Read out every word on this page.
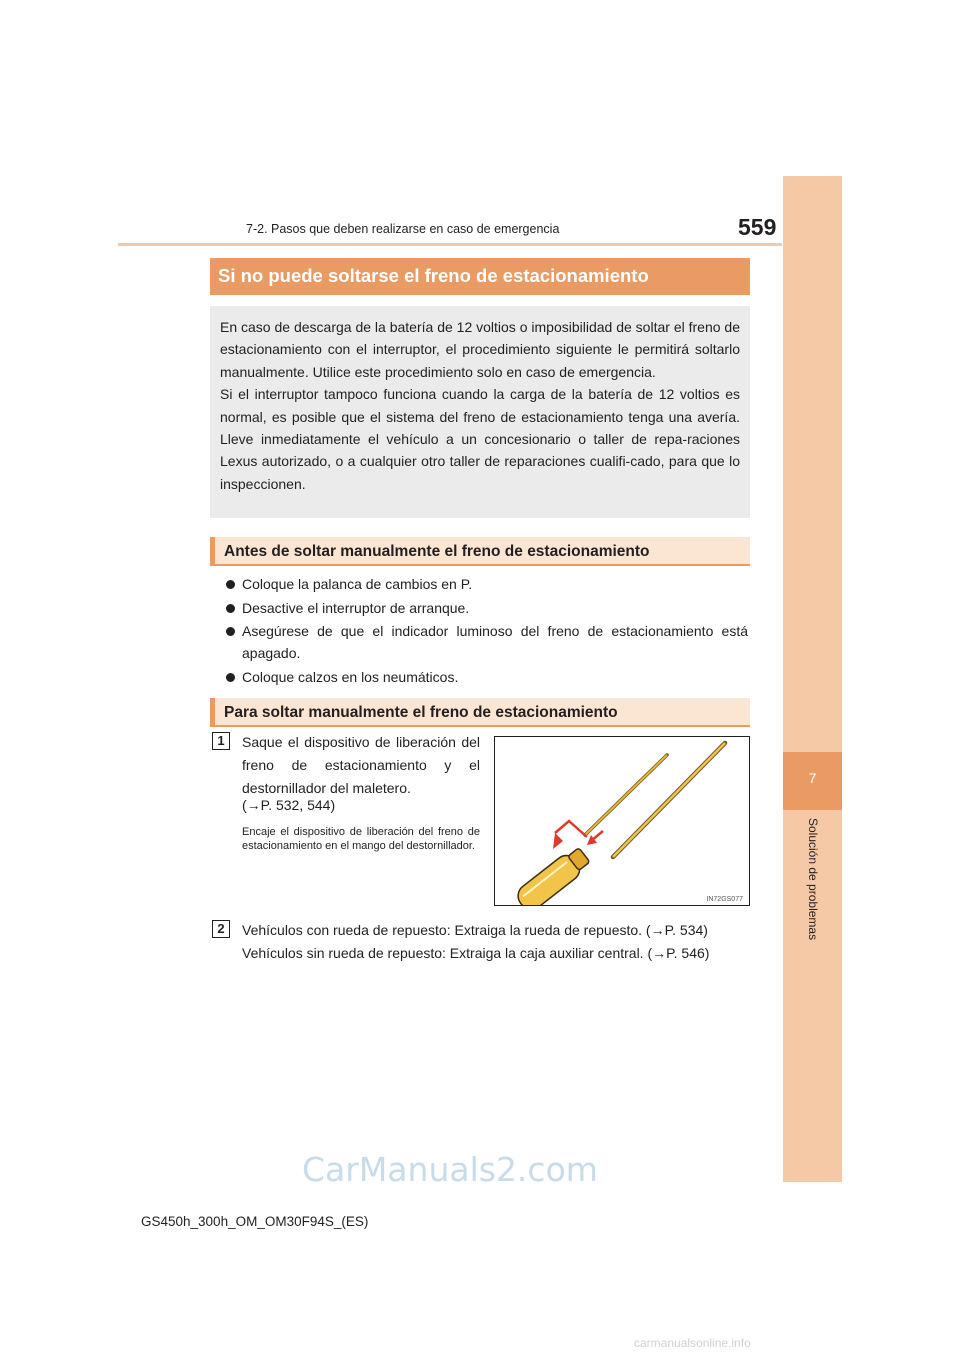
7
Solución de problemas
7-2. Pasos que deben realizarse en caso de emergencia	559
Si no puede soltarse el freno de estacionamiento

En caso de descarga de la batería de 12 voltios o imposibilidad de soltar el freno de estacionamiento con el interruptor, el procedimiento siguiente le permitirá soltarlo manualmente. Utilice este procedimiento solo en caso de emergencia.

Si el interruptor tampoco funciona cuando la carga de la batería de 12 voltios es normal, es posible que el sistema del freno de estacionamiento tenga una avería. Lleve inmediatamente el vehículo a un concesionario o taller de repa-raciones Lexus autorizado, o a cualquier otro taller de reparaciones cualifi-cado, para que lo inspeccionen.

Antes de soltar manualmente el freno de estacionamiento
Coloque la palanca de cambios en P.
Desactive el interruptor de arranque.
Asegúrese de que el indicador luminoso del freno de estacionamiento está apagado.
Coloque calzos en los neumáticos.
Para soltar manualmente el freno de estacionamiento
1	Saque el dispositivo de liberación del freno de estacionamiento y el destornillador del maletero.
(→P. 532, 544)
Encaje el dispositivo de liberación del freno de estacionamiento en el mango del destornillador.
IN72GS077
2	Vehículos con rueda de repuesto: Extraiga la rueda de repuesto. (→P. 534)
Vehículos sin rueda de repuesto: Extraiga la caja auxiliar central. (→P. 546)
CarManuals2.com
GS450h_300h_OM_OM30F94S_(ES)
carmanualsonline.info
